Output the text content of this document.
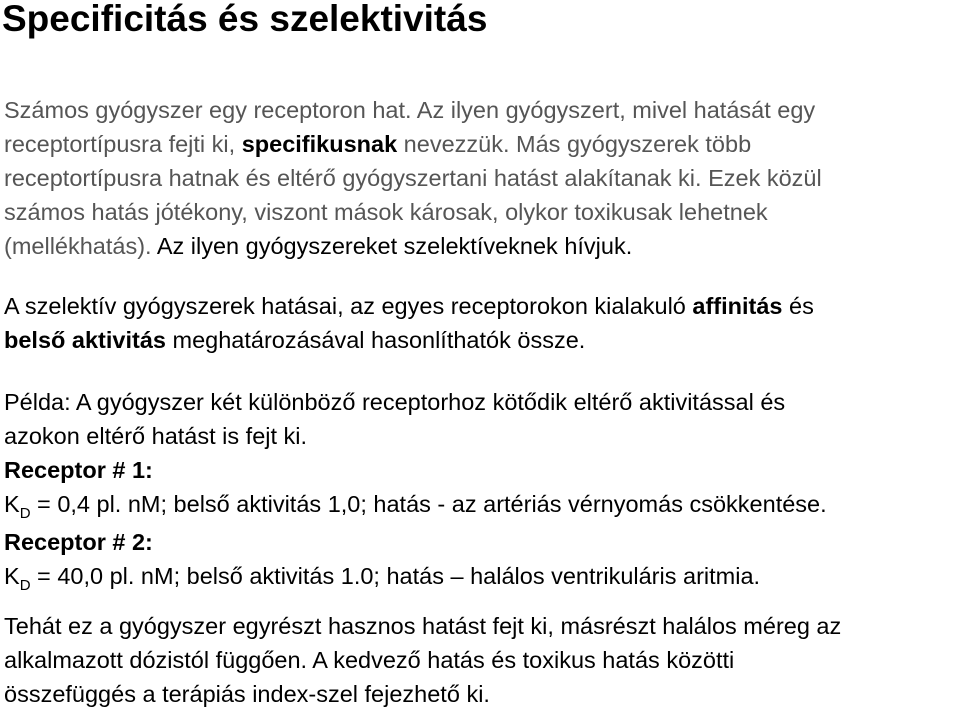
Specificitás és szelektivitás

Számos gyógyszer egy receptoron hat. Az ilyen gyógyszert, mivel hatását egy
receptortípusra fejti ki, specifikusnak nevezzük. Más gyógyszerek több
receptortípusra hatnak és eltérő gyógyszertani hatást alakítanak ki. Ezek közül
számos hatás jótékony, viszont mások károsak, olykor toxikusak lehetnek
(mellékhatás). Az ilyen gyógyszereket szelektíveknek hívjuk.

A szelektív gyógyszerek hatásai, az egyes receptorokon kialakuló affinitás és
belső aktivitás meghatározásával hasonlíthatók össze.

Példa: A gyógyszer két különböző receptorhoz kötődik eltérő aktivitással és
azokon eltérő hatást is fejt ki.
Receptor # 1:
$K_D = 0,4$ pl. nM; belső aktivitás 1,0; hatás - az artériás vérnyomás csökkentése.
Receptor # 2:
$K_D = 40,0$ pl. nM; belső aktivitás 1.0; hatás – halálos ventrikuláris aritmia.

Tehát ez a gyógyszer egyrészt hasznos hatást fejt ki, másrészt halálos méreg az
alkalmazott dózistól függően. A kedvező hatás és toxikus hatás közötti
összefüggés a terápiás index-szel fejezhető ki.
